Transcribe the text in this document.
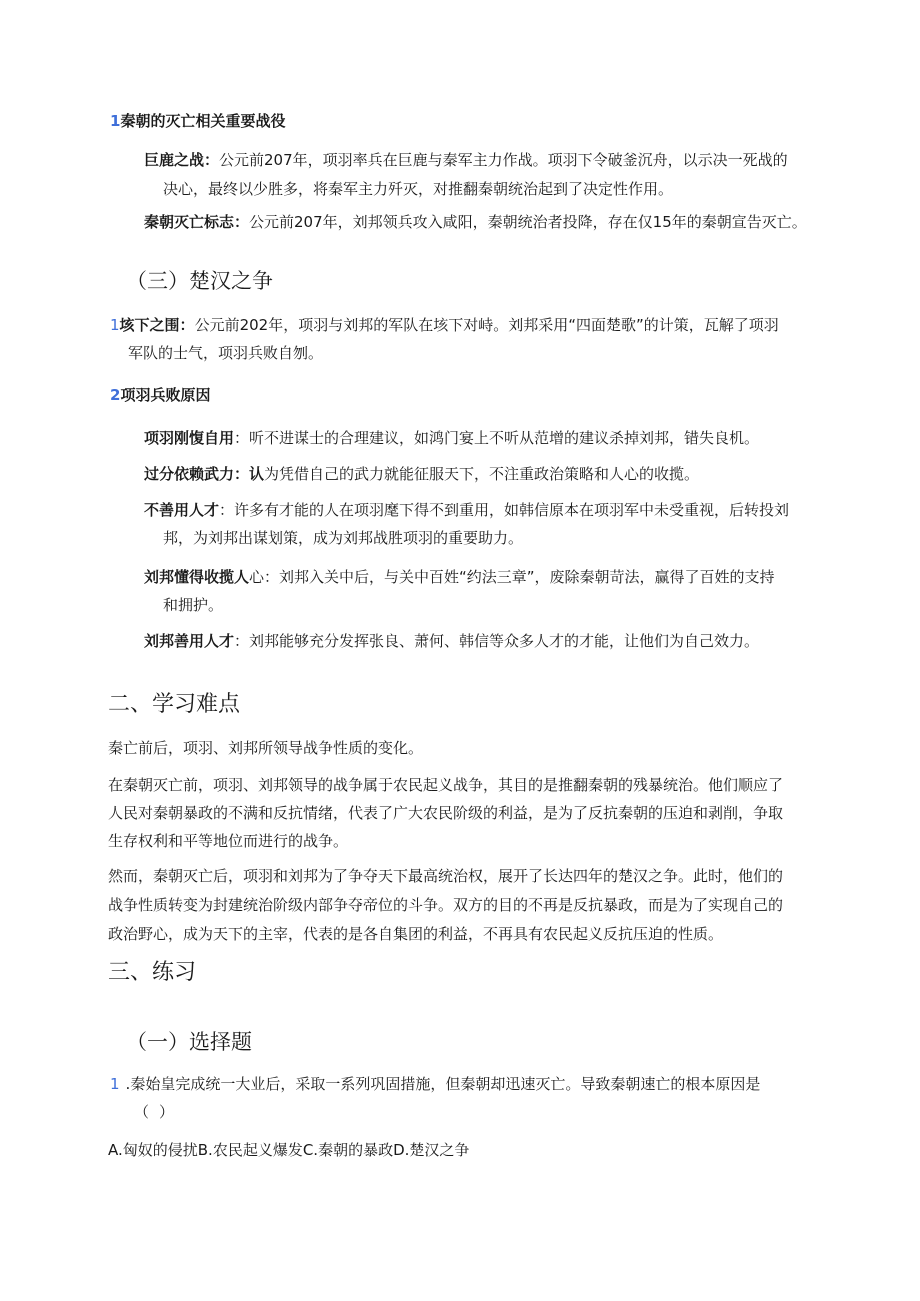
1秦朝的灭亡相关重要战役

巨鹿之战：公元前207年，项羽率兵在巨鹿与秦军主力作战。项羽下令破釜沉舟，以示决一死战的

决心，最终以少胜多，将秦军主力歼灭，对推翻秦朝统治起到了决定性作用。

秦朝灭亡标志：公元前207年，刘邦领兵攻入咸阳，秦朝统治者投降，存在仅15年的秦朝宣告灭亡。

（三）楚汉之争

1垓下之围：公元前202年，项羽与刘邦的军队在垓下对峙。刘邦采用“四面楚歌”的计策，瓦解了项羽

军队的士气，项羽兵败自刎。

2项羽兵败原因

项羽刚愎自用：听不进谋士的合理建议，如鸿门宴上不听从范增的建议杀掉刘邦，错失良机。

过分依赖武力：认为凭借自己的武力就能征服天下，不注重政治策略和人心的收揽。

不善用人才：许多有才能的人在项羽麾下得不到重用，如韩信原本在项羽军中未受重视，后转投刘

邦，为刘邦出谋划策，成为刘邦战胜项羽的重要助力。

刘邦懂得收揽人心：刘邦入关中后，与关中百姓“约法三章”，废除秦朝苛法，赢得了百姓的支持

和拥护。

刘邦善用人才：刘邦能够充分发挥张良、萧何、韩信等众多人才的才能，让他们为自己效力。

二、学习难点

秦亡前后，项羽、刘邦所领导战争性质的变化。

在秦朝灭亡前，项羽、刘邦领导的战争属于农民起义战争，其目的是推翻秦朝的残暴统治。他们顺应了

人民对秦朝暴政的不满和反抗情绪，代表了广大农民阶级的利益，是为了反抗秦朝的压迫和剥削，争取

生存权利和平等地位而进行的战争。

然而，秦朝灭亡后，项羽和刘邦为了争夺天下最高统治权，展开了长达四年的楚汉之争。此时，他们的

战争性质转变为封建统治阶级内部争夺帝位的斗争。双方的目的不再是反抗暴政，而是为了实现自己的

政治野心，成为天下的主宰，代表的是各自集团的利益，不再具有农民起义反抗压迫的性质。

三、练习
（一）选择题

1 .秦始皇完成统一大业后，采取一系列巩固措施，但秦朝却迅速灭亡。导致秦朝速亡的根本原因是

（）

A.匈奴的侵扰B.农民起义爆发C.秦朝的暴政D.楚汉之争
